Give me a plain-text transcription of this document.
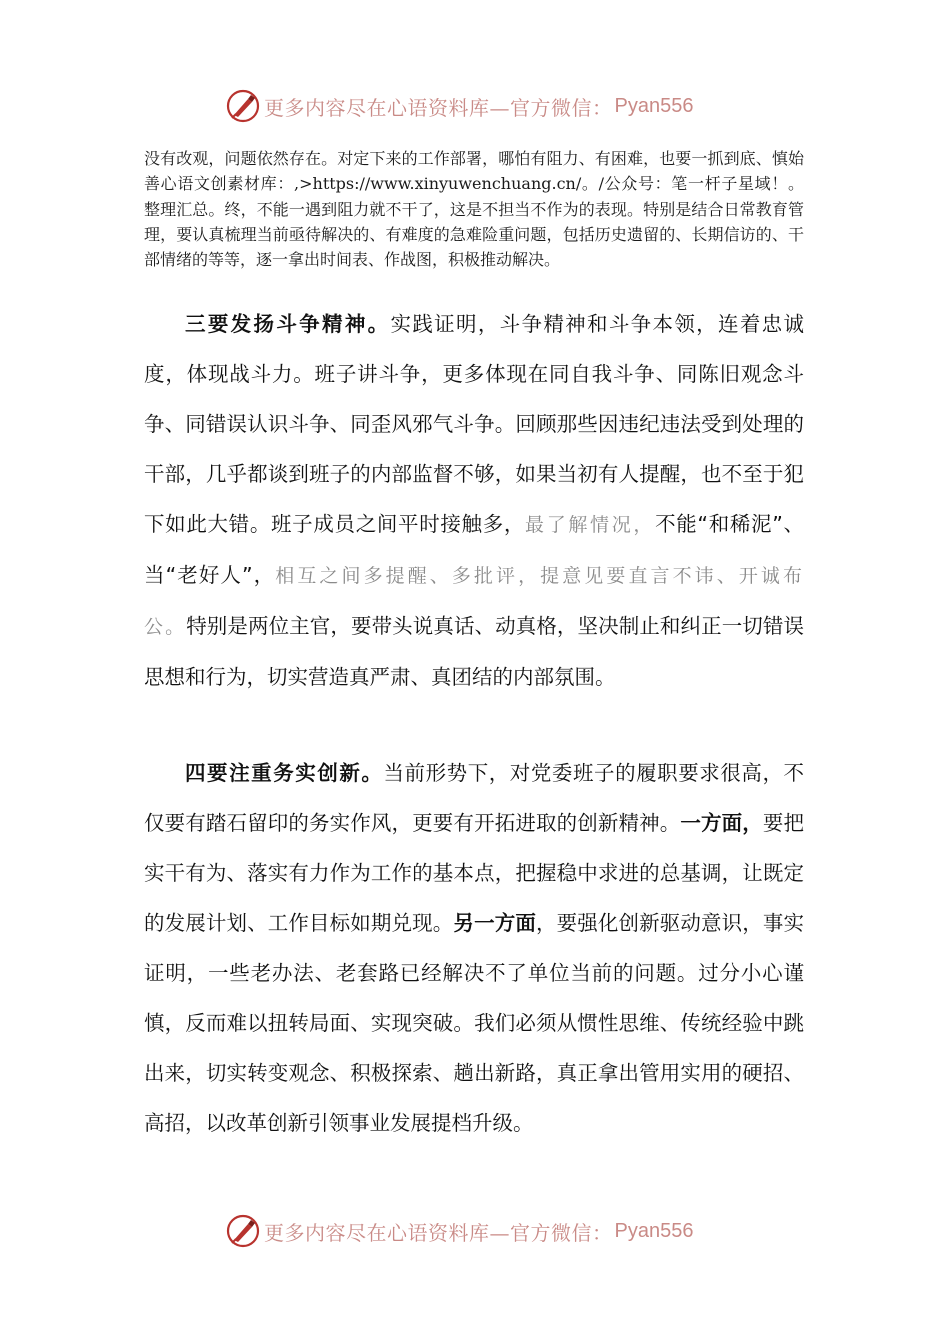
更多内容尽在心语资料库—官方微信： Pyan556
没有改观，问题依然存在。对定下来的工作部署，哪怕有阻力、有困难，也要一抓到底、慎始善心语文创素材库：,>https://www.xinyuwenchuang.cn/。/公众号：笔一杆子星域！。整理汇总。终，不能一遇到阻力就不干了，这是不担当不作为的表现。特别是结合日常教育管理，要认真梳理当前亟待解决的、有难度的急难险重问题，包括历史遗留的、长期信访的、干部情绪的等等，逐一拿出时间表、作战图，积极推动解决。
三要发扬斗争精神。实践证明，斗争精神和斗争本领，连着忠诚度，体现战斗力。班子讲斗争，更多体现在同自我斗争、同陈旧观念斗争、同错误认识斗争、同歪风邪气斗争。回顾那些因违纪违法受到处理的干部，几乎都谈到班子的内部监督不够，如果当初有人提醒，也不至于犯下如此大错。班子成员之间平时接触多，最了解情况，不能“和稀泥”、当“老好人”，相互之间多提醒、多批评，提意见要直言不讳、开诚布公。特别是两位主官，要带头说真话、动真格，坚决制止和纠正一切错误思想和行为，切实营造真严肃、真团结的内部氛围。
四要注重务实创新。当前形势下，对党委班子的履职要求很高，不仅要有踏石留印的务实作风，更要有开拓进取的创新精神。一方面，要把实干有为、落实有力作为工作的基本点，把握稳中求进的总基调，让既定的发展计划、工作目标如期兑现。另一方面，要强化创新驱动意识，事实证明，一些老办法、老套路已经解决不了单位当前的问题。过分小心谨慎，反而难以扭转局面、实现突破。我们必须从惯性思维、传统经验中跳出来，切实转变观念、积极探索、趟出新路，真正拿出管用实用的硬招、高招，以改革创新引领事业发展提档升级。
更多内容尽在心语资料库—官方微信： Pyan556
